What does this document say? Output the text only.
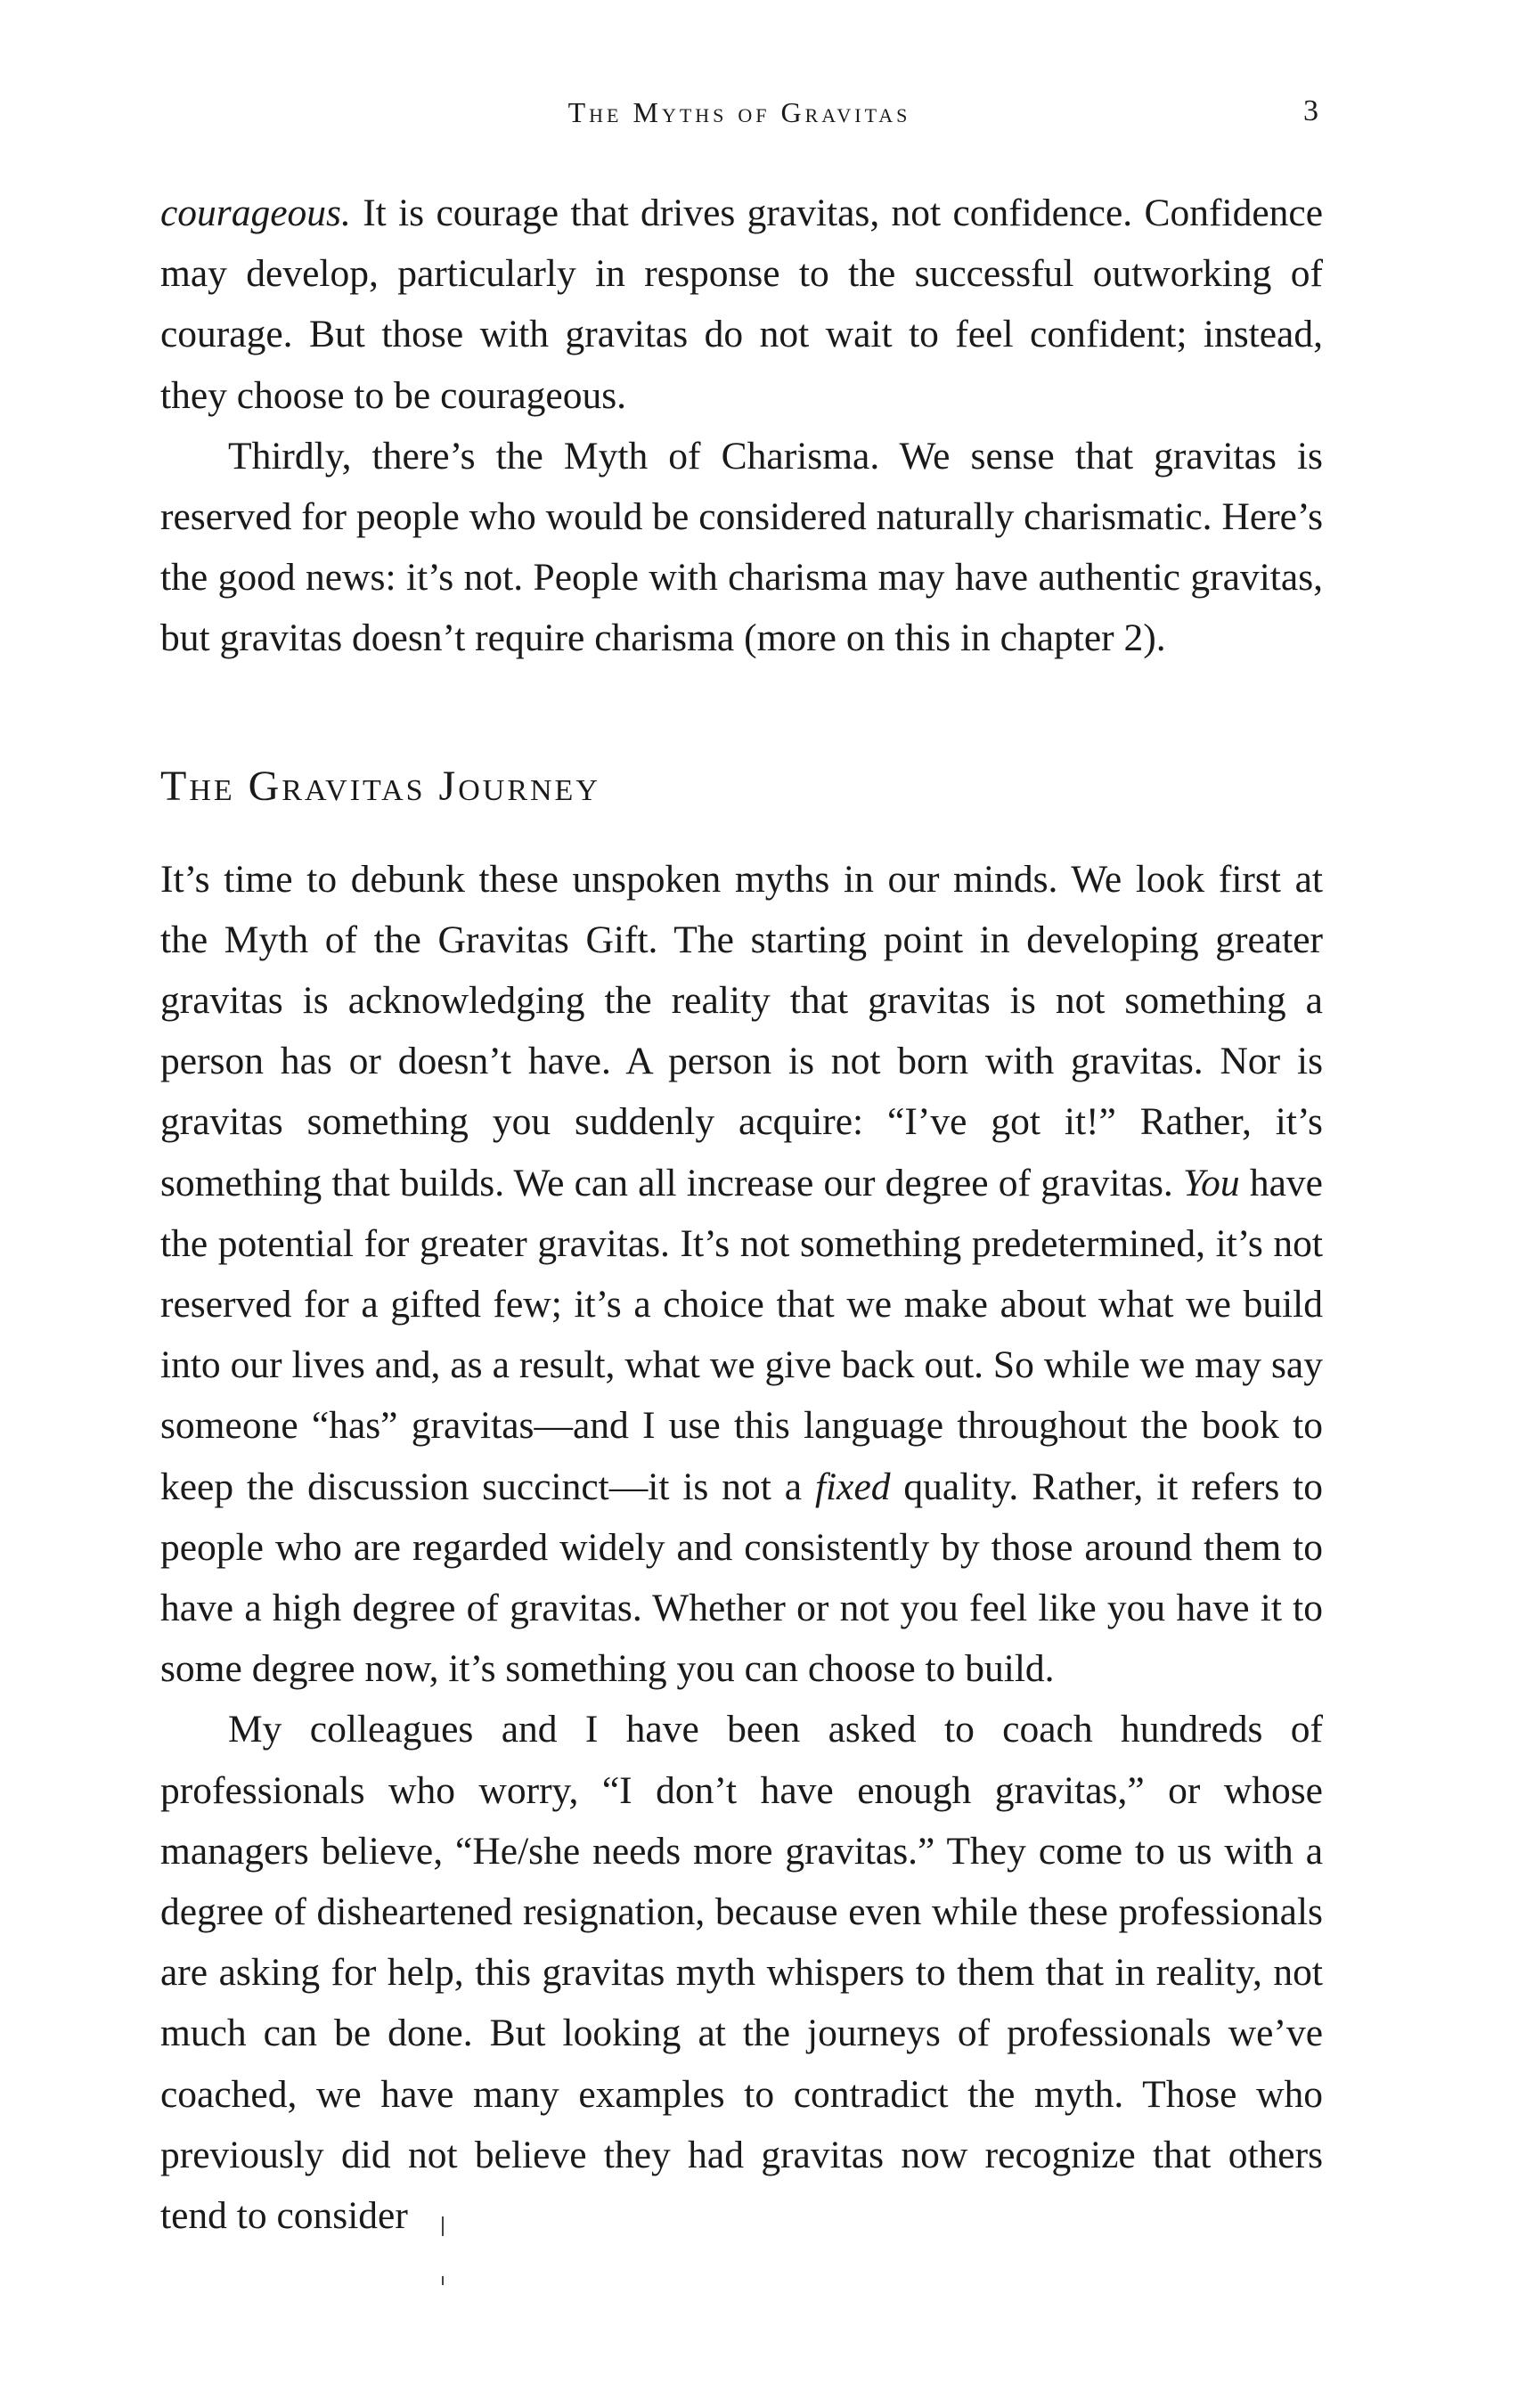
The Myths of Gravitas	3

courageous. It is courage that drives gravitas, not confidence. Confidence may develop, particularly in response to the successful outworking of courage. But those with gravitas do not wait to feel confident; instead, they choose to be courageous.

Thirdly, there’s the Myth of Charisma. We sense that gravitas is reserved for people who would be considered naturally charismatic. Here’s the good news: it’s not. People with charisma may have authentic gravitas, but gravitas doesn’t require charisma (more on this in chapter 2).

The Gravitas Journey

It’s time to debunk these unspoken myths in our minds. We look first at the Myth of the Gravitas Gift. The starting point in developing greater gravitas is acknowledging the reality that gravitas is not something a person has or doesn’t have. A person is not born with gravitas. Nor is gravitas something you suddenly acquire: “I’ve got it!” Rather, it’s something that builds. We can all increase our degree of gravitas. You have the potential for greater gravitas. It’s not something predetermined, it’s not reserved for a gifted few; it’s a choice that we make about what we build into our lives and, as a result, what we give back out. So while we may say someone “has” gravitas—and I use this language throughout the book to keep the discussion succinct—it is not a fixed quality. Rather, it refers to people who are regarded widely and consistently by those around them to have a high degree of gravitas. Whether or not you feel like you have it to some degree now, it’s something you can choose to build.

My colleagues and I have been asked to coach hundreds of professionals who worry, “I don’t have enough gravitas,” or whose managers believe, “He/she needs more gravitas.” They come to us with a degree of disheartened resignation, because even while these professionals are asking for help, this gravitas myth whispers to them that in reality, not much can be done. But looking at the journeys of professionals we’ve coached, we have many examples to contradict the myth. Those who previously did not believe they had gravitas now recognize that others tend to consider
